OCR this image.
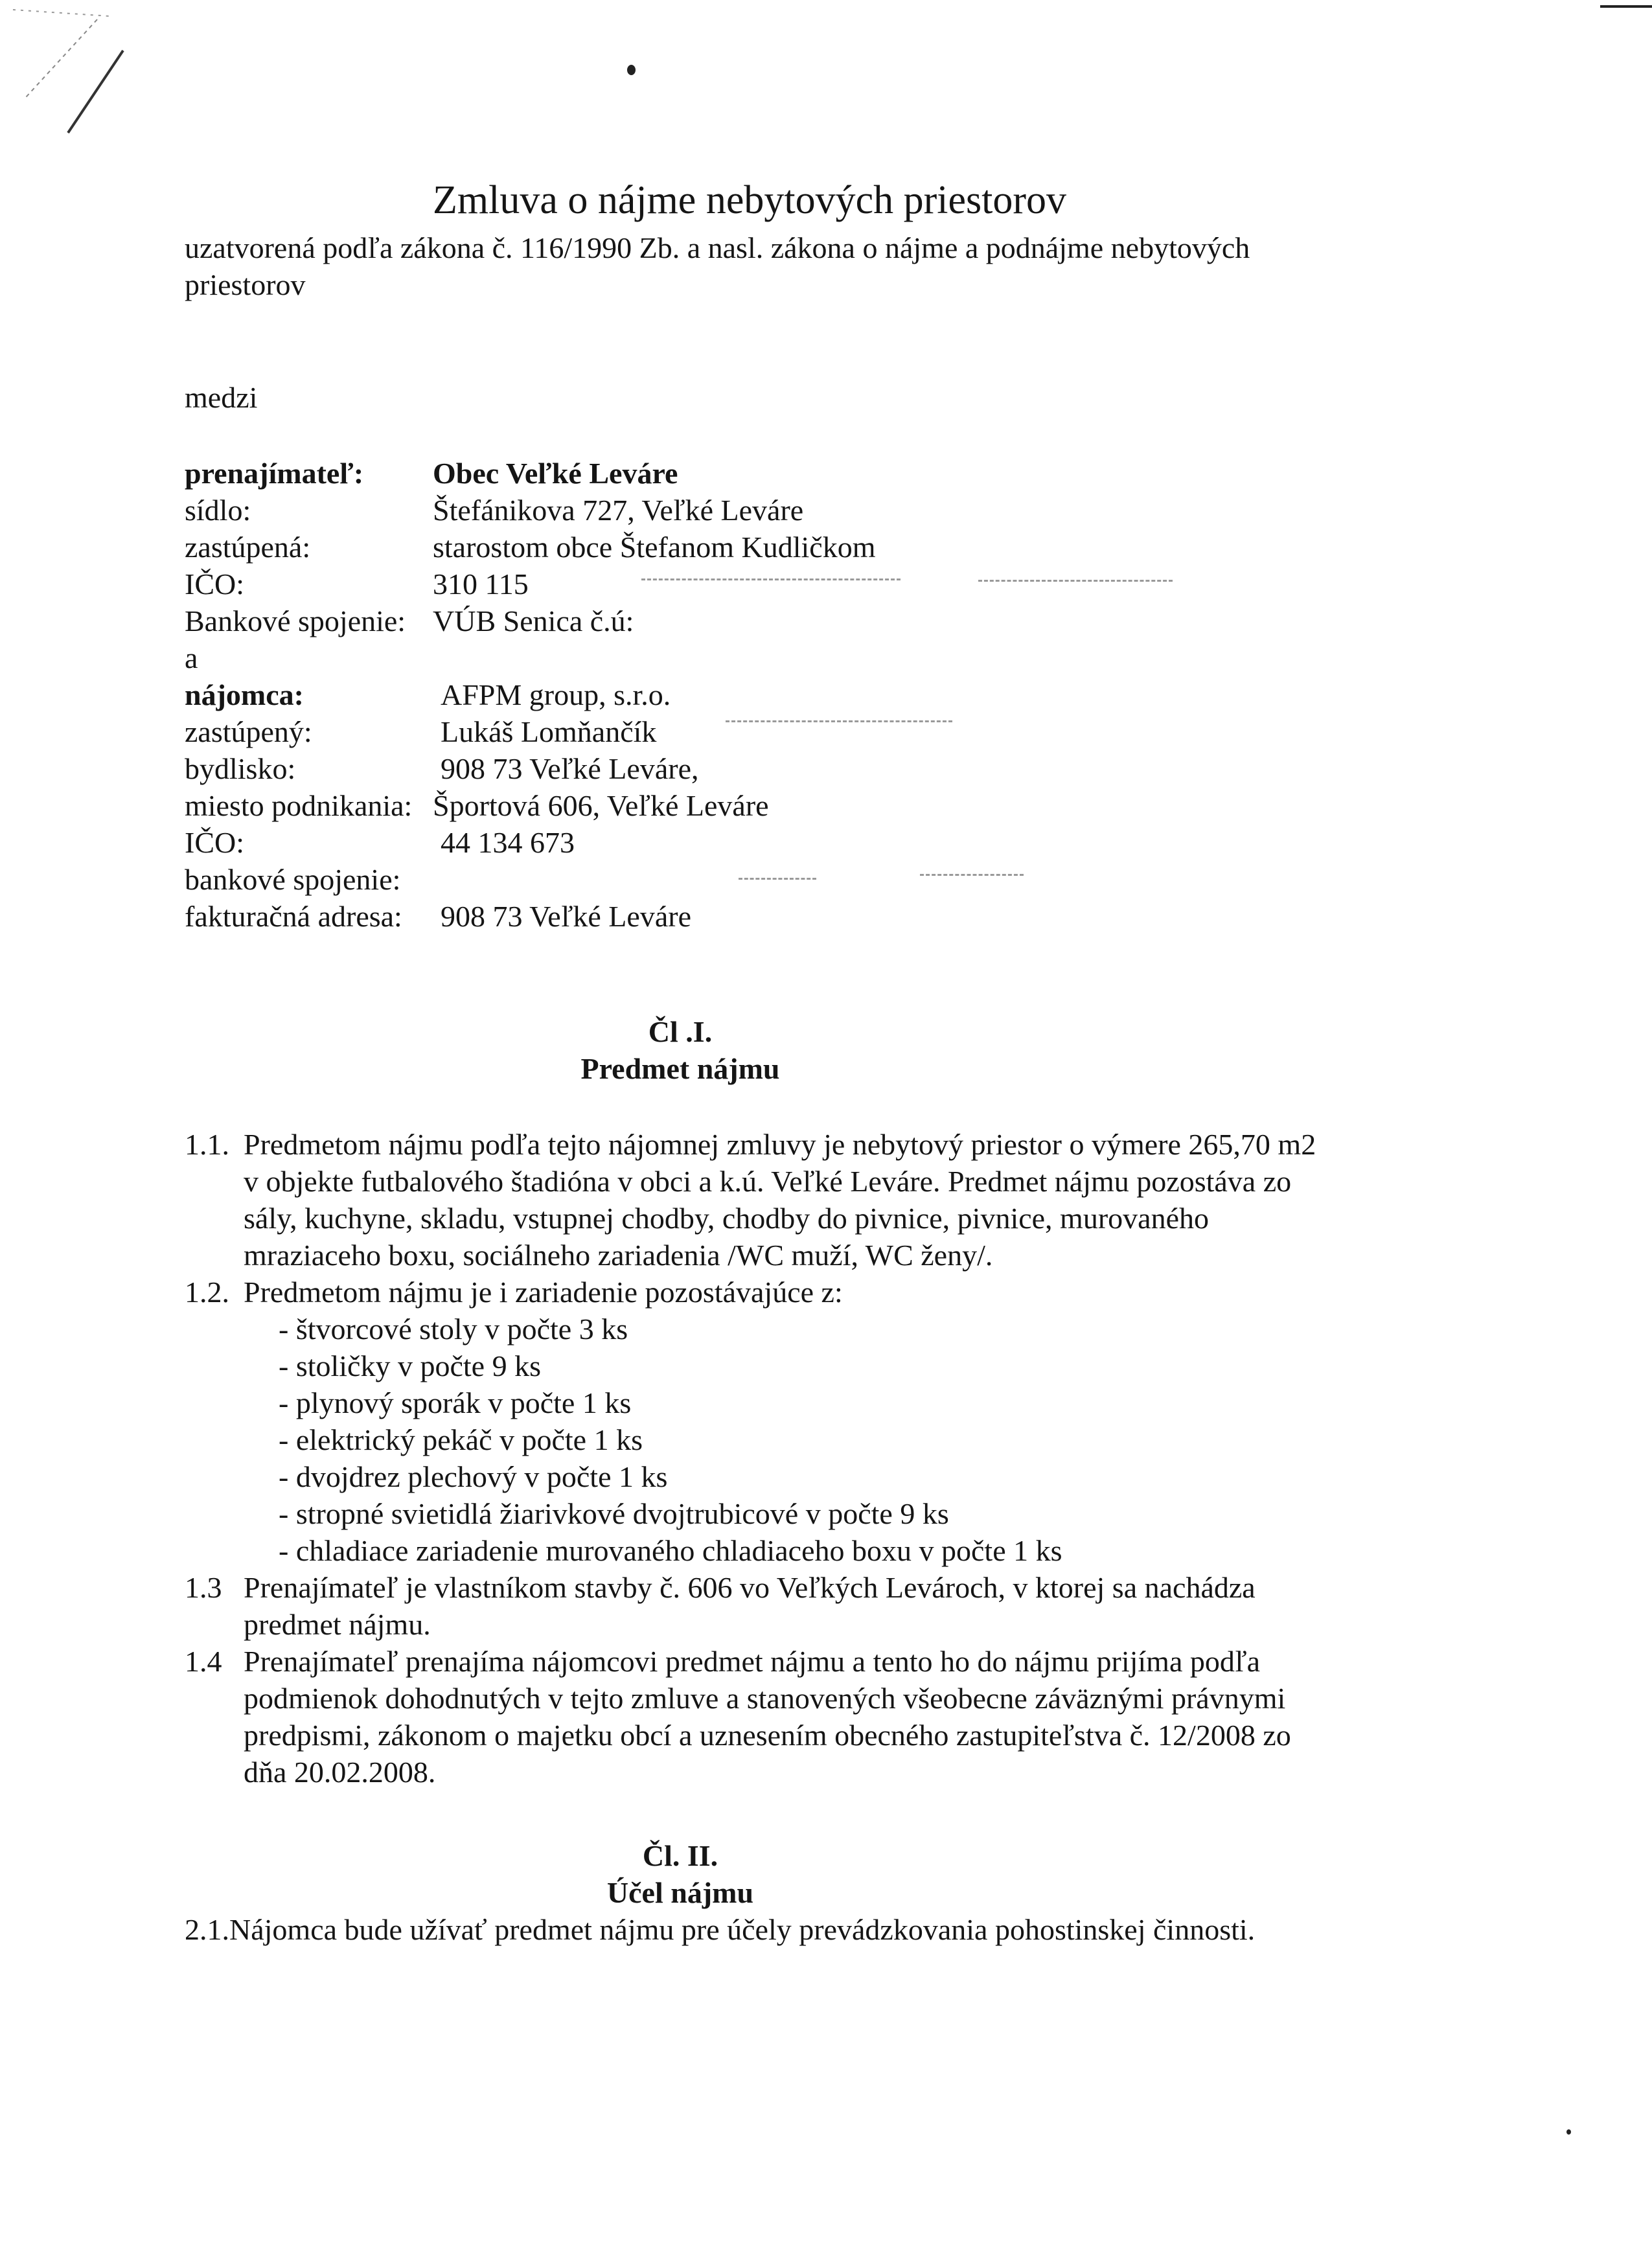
Zmluva o nájme nebytových priestorov
uzatvorená podľa zákona č. 116/1990 Zb. a nasl. zákona o nájme a podnájme nebytových
priestorov
medzi
prenajímateľ: Obec Veľké Leváre
sídlo:	Štefánikova 727, Veľké Leváre
zastúpená:	starostom obce Štefanom Kudličkom
IČO:	310 115
Bankové spojenie: VÚB Senica č.ú:
a
nájomca:	AFPM group, s.r.o.
zastúpený:	Lukáš Lomňančík
bydlisko:	908 73 Veľké Leváre,
miesto podnikania: Športová 606, Veľké Leváre
IČO:	44 134 673
bankové spojenie:
fakturačná adresa: 908 73 Veľké Leváre
Čl .I.
Predmet nájmu
1.1. Predmetom nájmu podľa tejto nájomnej zmluvy je nebytový priestor o výmere 265,70 m2
v objekte futbalového štadióna v obci a k.ú. Veľké Leváre. Predmet nájmu pozostáva zo
sály, kuchyne, skladu, vstupnej chodby, chodby do pivnice, pivnice, murovaného
mraziaceho boxu, sociálneho zariadenia /WC muží, WC ženy/.
1.2. Predmetom nájmu je i zariadenie pozostávajúce z:
- štvorcové stoly v počte 3 ks
- stoličky v počte 9 ks
- plynový sporák v počte 1 ks
- elektrický pekáč v počte 1 ks
- dvojdrez plechový v počte 1 ks
- stropné svietidlá žiarivkové dvojtrubicové v počte 9 ks
- chladiace zariadenie murovaného chladiaceho boxu v počte 1 ks
1.3 Prenajímateľ je vlastníkom stavby č. 606 vo Veľkých Levároch, v ktorej sa nachádza
predmet nájmu.
1.4 Prenajímateľ prenajíma nájomcovi predmet nájmu a tento ho do nájmu prijíma podľa
podmienok dohodnutých v tejto zmluve a stanovených všeobecne záväznými právnymi
predpismi, zákonom o majetku obcí a uznesením obecného zastupiteľstva č. 12/2008 zo
dňa 20.02.2008.
Čl. II.
Účel nájmu
2.1.Nájomca bude užívať predmet nájmu pre účely prevádzkovania pohostinskej činnosti.
